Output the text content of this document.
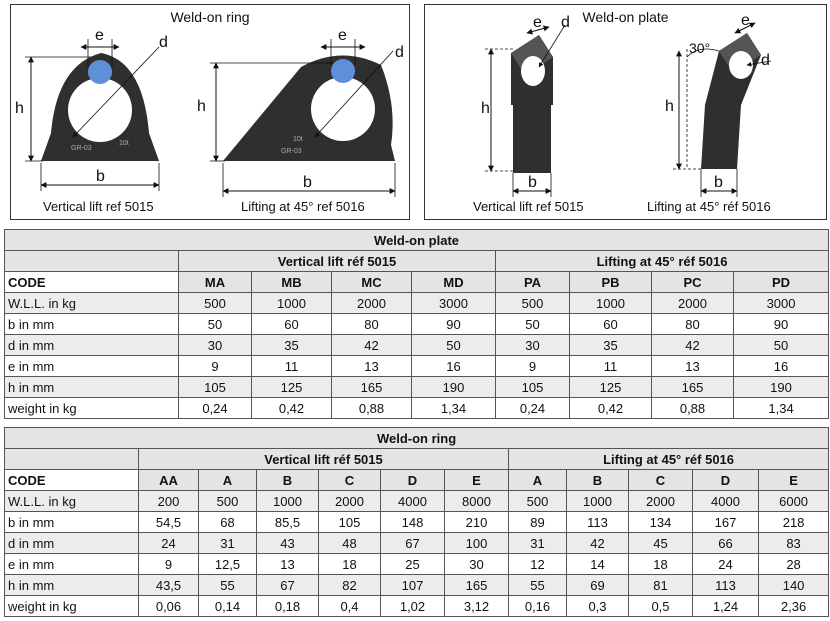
Weld-on ring
GR-03
10t
h
b
e	d
GR-03
10t
h
b
e
d
Vertical lift ref 5015	Lifting at 45° ref 5016
Weld-on plate
h
b
e d
30°
h
b
e
d
Vertical lift ref 5015	Lifting at 45° réf 5016
Weld-on plate								
	Vertical lift réf 5015				Lifting at 45° réf 5016			
CODE	MA	MB	MC	MD	PA	PB	PC	PD
W.L.L. in kg	500	1000	2000	3000	500	1000	2000	3000
b in mm	50	60	80	90	50	60	80	90
d in mm	30	35	42	50	30	35	42	50
e in mm	9	11	13	16	9	11	13	16
h in mm	105	125	165	190	105	125	165	190
weight in kg	0,24	0,42	0,88	1,34	0,24	0,42	0,88	1,34
Weld-on ring											
	Vertical lift réf 5015						Lifting at 45° réf 5016				
CODE	AA	A	B	C	D	E	A	B	C	D	E
W.L.L. in kg	200	500	1000	2000	4000	8000	500	1000	2000	4000	6000
b in mm	54,5	68	85,5	105	148	210	89	113	134	167	218
d in mm	24	31	43	48	67	100	31	42	45	66	83
e in mm	9	12,5	13	18	25	30	12	14	18	24	28
h in mm	43,5	55	67	82	107	165	55	69	81	113	140
weight in kg	0,06	0,14	0,18	0,4	1,02	3,12	0,16	0,3	0,5	1,24	2,36
